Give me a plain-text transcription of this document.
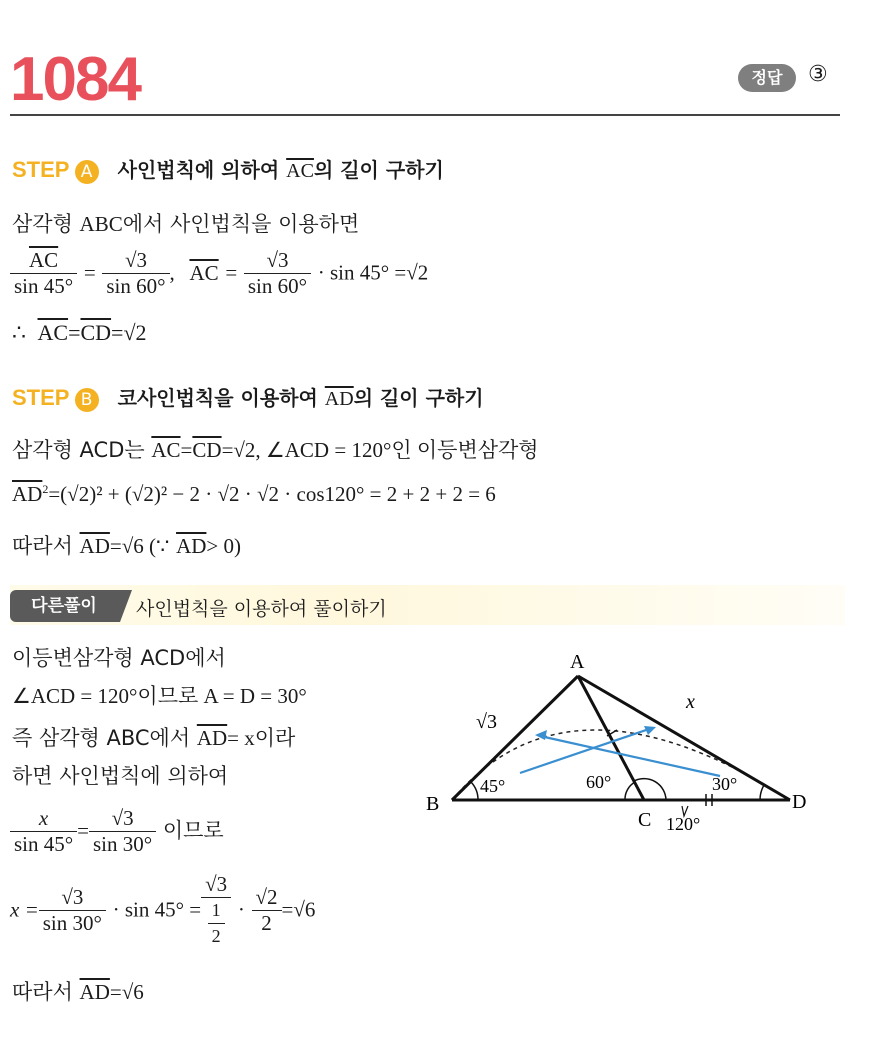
1084	정답	③
STEP A 사인법칙에 의하여 $\overline{AC}$의 길이 구하기
삼각형 ABC에서 사인법칙을 이용하면
$\frac{\overline{AC}}{\sin 45^\circ} = \frac{√3}{\sin 60^\circ}$ , $\overline{AC} = \frac{√3}{\sin 60^\circ} \cdot \sin 45^\circ =√2$
∴ $\overline{AC}=\overline{CD}=√2$
STEP B 코사인법칙을 이용하여 $\overline{AD}$의 길이 구하기
삼각형 ACD는 $\overline{AC}=\overline{CD}=√2$, ∠ACD = 120°인 이등변삼각형
$\overline{AD}^2=(√2)^2 + (√2)^2 - 2 \cdot √2 \cdot √2 \cdot \cos 120^\circ = 2 + 2 + 2 = 6$
따라서 $\overline{AD}=√6$ (∵ $\overline{AD}> 0$)
다른풀이	사인법칙을 이용하여 풀이하기
이등변삼각형 ACD에서
∠ACD = 120°이므로 A = D = 30°
즉 삼각형 ABC에서 $\overline{AD}= x$이라
하면 사인법칙에 의하여
$\frac{x}{\sin 45^\circ} = \frac{√3}{\sin 30^\circ}$ 이므로
$x = \frac{√3}{\sin 30^\circ} \cdot \sin 45^\circ = \frac{√3}{\frac{1}{2}} \cdot \frac{√2}{2} =√6$
따라서 $\overline{AD}=√6$
A
B
C
D
√3
x
45°	60°	30°
120°
